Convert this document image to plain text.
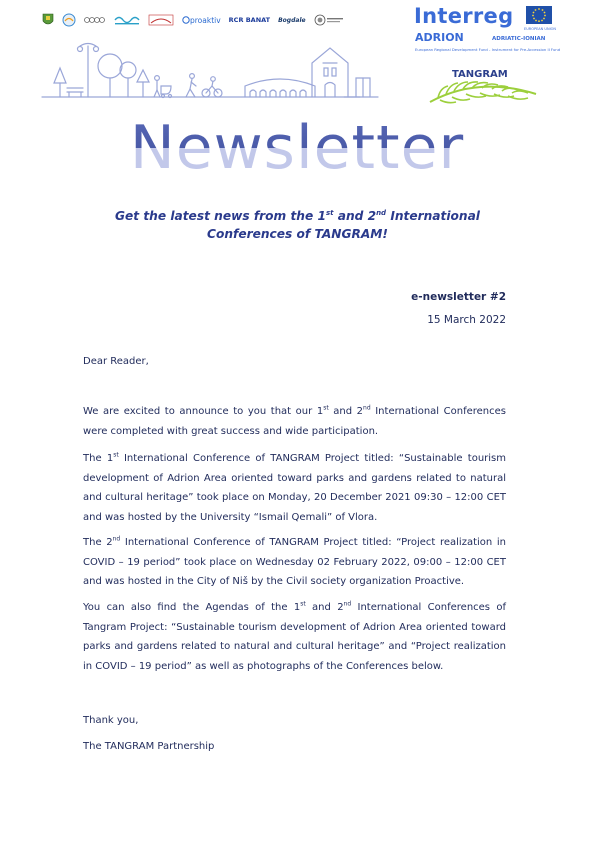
proaktiv RCR BANAT Bogdale	Interreg
ADRION	ADRIATIC-IONIAN
European Regional Development Fund - Instrument for Pre-Accession II Fund
EUROPEAN UNION
TANGRAM
Newsletter
Get the latest news from the 1st and 2nd International Conferences of TANGRAM!
e-newsletter #2
15 March 2022
Dear Reader,
We are excited to announce to you that our 1st and 2nd International Conferences were completed with great success and wide participation.
The 1st International Conference of TANGRAM Project titled: “Sustainable tourism development of Adrion Area oriented toward parks and gardens related to natural and cultural heritage” took place on Monday, 20 December 2021 09:30 – 12:00 CET and was hosted by the University “Ismail Qemali” of Vlora.
The 2nd International Conference of TANGRAM Project titled: “Project realization in COVID – 19 period” took place on Wednesday 02 February 2022, 09:00 – 12:00 CET and was hosted in the City of Niš by the Civil society organization Proactive.
You can also find the Agendas of the 1st and 2nd International Conferences of Tangram Project: “Sustainable tourism development of Adrion Area oriented toward parks and gardens related to natural and cultural heritage” and “Project realization in COVID – 19 period” as well as photographs of the Conferences below.
Thank you,
The TANGRAM Partnership
